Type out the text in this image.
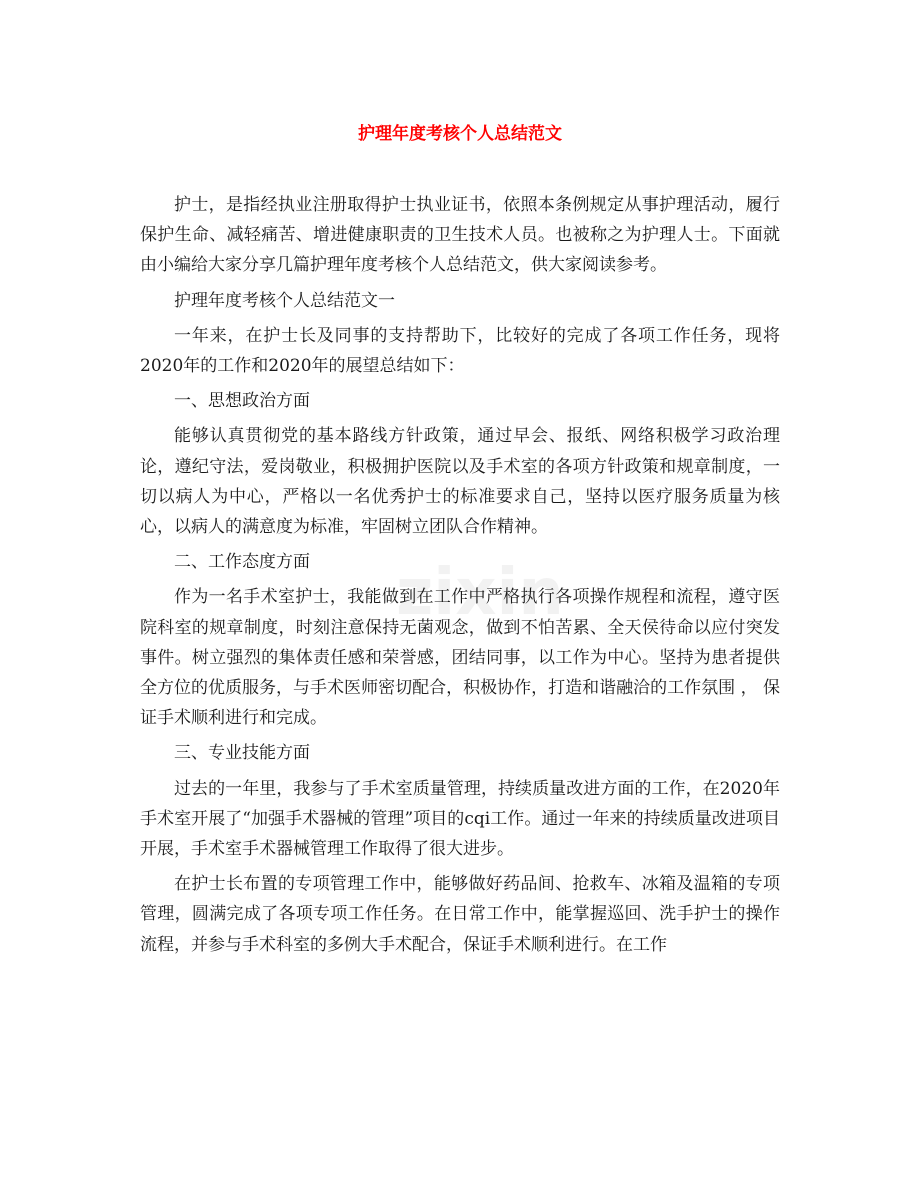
护理年度考核个人总结范文
zixin

护士，是指经执业注册取得护士执业证书，依照本条例规定从事护理活动，履行保护生命、减轻痛苦、增进健康职责的卫生技术人员。也被称之为护理人士。下面就由小编给大家分享几篇护理年度考核个人总结范文，供大家阅读参考。

护理年度考核个人总结范文一

一年来，在护士长及同事的支持帮助下，比较好的完成了各项工作任务，现将2020年的工作和2020年的展望总结如下：

一、思想政治方面

能够认真贯彻党的基本路线方针政策，通过早会、报纸、网络积极学习政治理论，遵纪守法，爱岗敬业，积极拥护医院以及手术室的各项方针政策和规章制度，一切以病人为中心，严格以一名优秀护士的标准要求自己，坚持以医疗服务质量为核心，以病人的满意度为标准，牢固树立团队合作精神。

二、工作态度方面

作为一名手术室护士，我能做到在工作中严格执行各项操作规程和流程，遵守医院科室的规章制度，时刻注意保持无菌观念，做到不怕苦累、全天侯待命以应付突发事件。树立强烈的集体责任感和荣誉感，团结同事，以工作为中心。坚持为患者提供全方位的优质服务，与手术医师密切配合，积极协作，打造和谐融洽的工作氛围 ， 保证手术顺利进行和完成。

三、专业技能方面

过去的一年里，我参与了手术室质量管理，持续质量改进方面的工作，在2020年手术室开展了“加强手术器械的管理”项目的cqi工作。通过一年来的持续质量改进项目开展，手术室手术器械管理工作取得了很大进步。

在护士长布置的专项管理工作中，能够做好药品间、抢救车、冰箱及温箱的专项管理，圆满完成了各项专项工作任务。在日常工作中，能掌握巡回、洗手护士的操作流程，并参与手术科室的多例大手术配合，保证手术顺利进行。在工作
